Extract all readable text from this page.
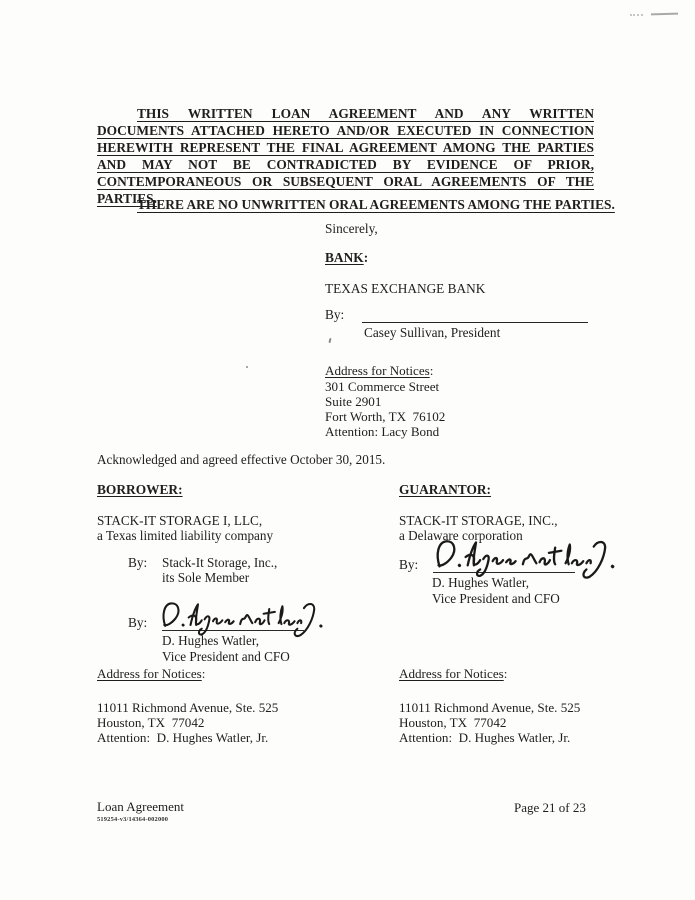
THIS WRITTEN LOAN AGREEMENT AND ANY WRITTEN DOCUMENTS ATTACHED HERETO AND/OR EXECUTED IN CONNECTION HEREWITH REPRESENT THE FINAL AGREEMENT AMONG THE PARTIES AND MAY NOT BE CONTRADICTED BY EVIDENCE OF PRIOR, CONTEMPORANEOUS OR SUBSEQUENT ORAL AGREEMENTS OF THE PARTIES.
THERE ARE NO UNWRITTEN ORAL AGREEMENTS AMONG THE PARTIES.
Sincerely,
BANK:
TEXAS EXCHANGE BANK
By:
Casey Sullivan, President
Address for Notices:
301 Commerce Street
Suite 2901
Fort Worth, TX  76102
Attention: Lacy Bond
Acknowledged and agreed effective October 30, 2015.

BORROWER:

STACK-IT STORAGE I, LLC,

a Texas limited liability company

By:	Stack-It Storage, Inc.,
its Sole Member
By:
D. Hughes Watler,
Vice President and CFO

GUARANTOR:

STACK-IT STORAGE, INC.,

a Delaware corporation

By:
D. Hughes Watler,
Vice President and CFO
Address for Notices:
11011 Richmond Avenue, Ste. 525
Houston, TX  77042
Attention:  D. Hughes Watler, Jr.
Address for Notices:
11011 Richmond Avenue, Ste. 525
Houston, TX  77042
Attention:  D. Hughes Watler, Jr.
Loan Agreement
519254-v3/14364-002000
Page 21 of 23
